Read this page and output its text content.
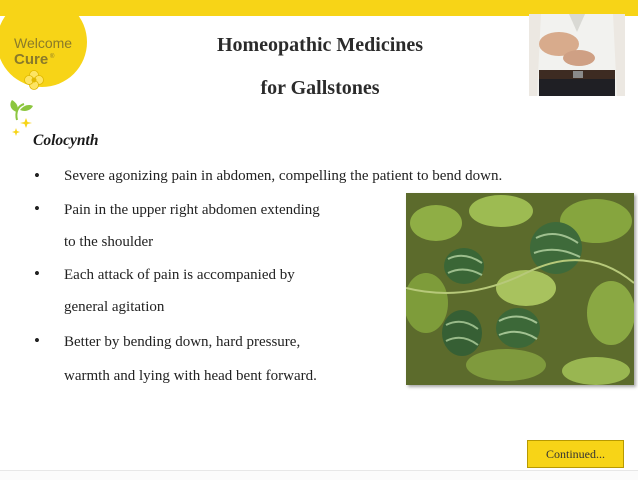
Welcome
Cure ®
Homeopathic Medicines
for Gallstones
Colocynth
• Severe agonizing pain in abdomen, compelling the patient to bend down.
• Pain in the upper right abdomen extending
to the shoulder
• Each attack of pain is accompanied by
general agitation
• Better by bending down, hard pressure,
warmth and lying with head bent forward.
Continued...
